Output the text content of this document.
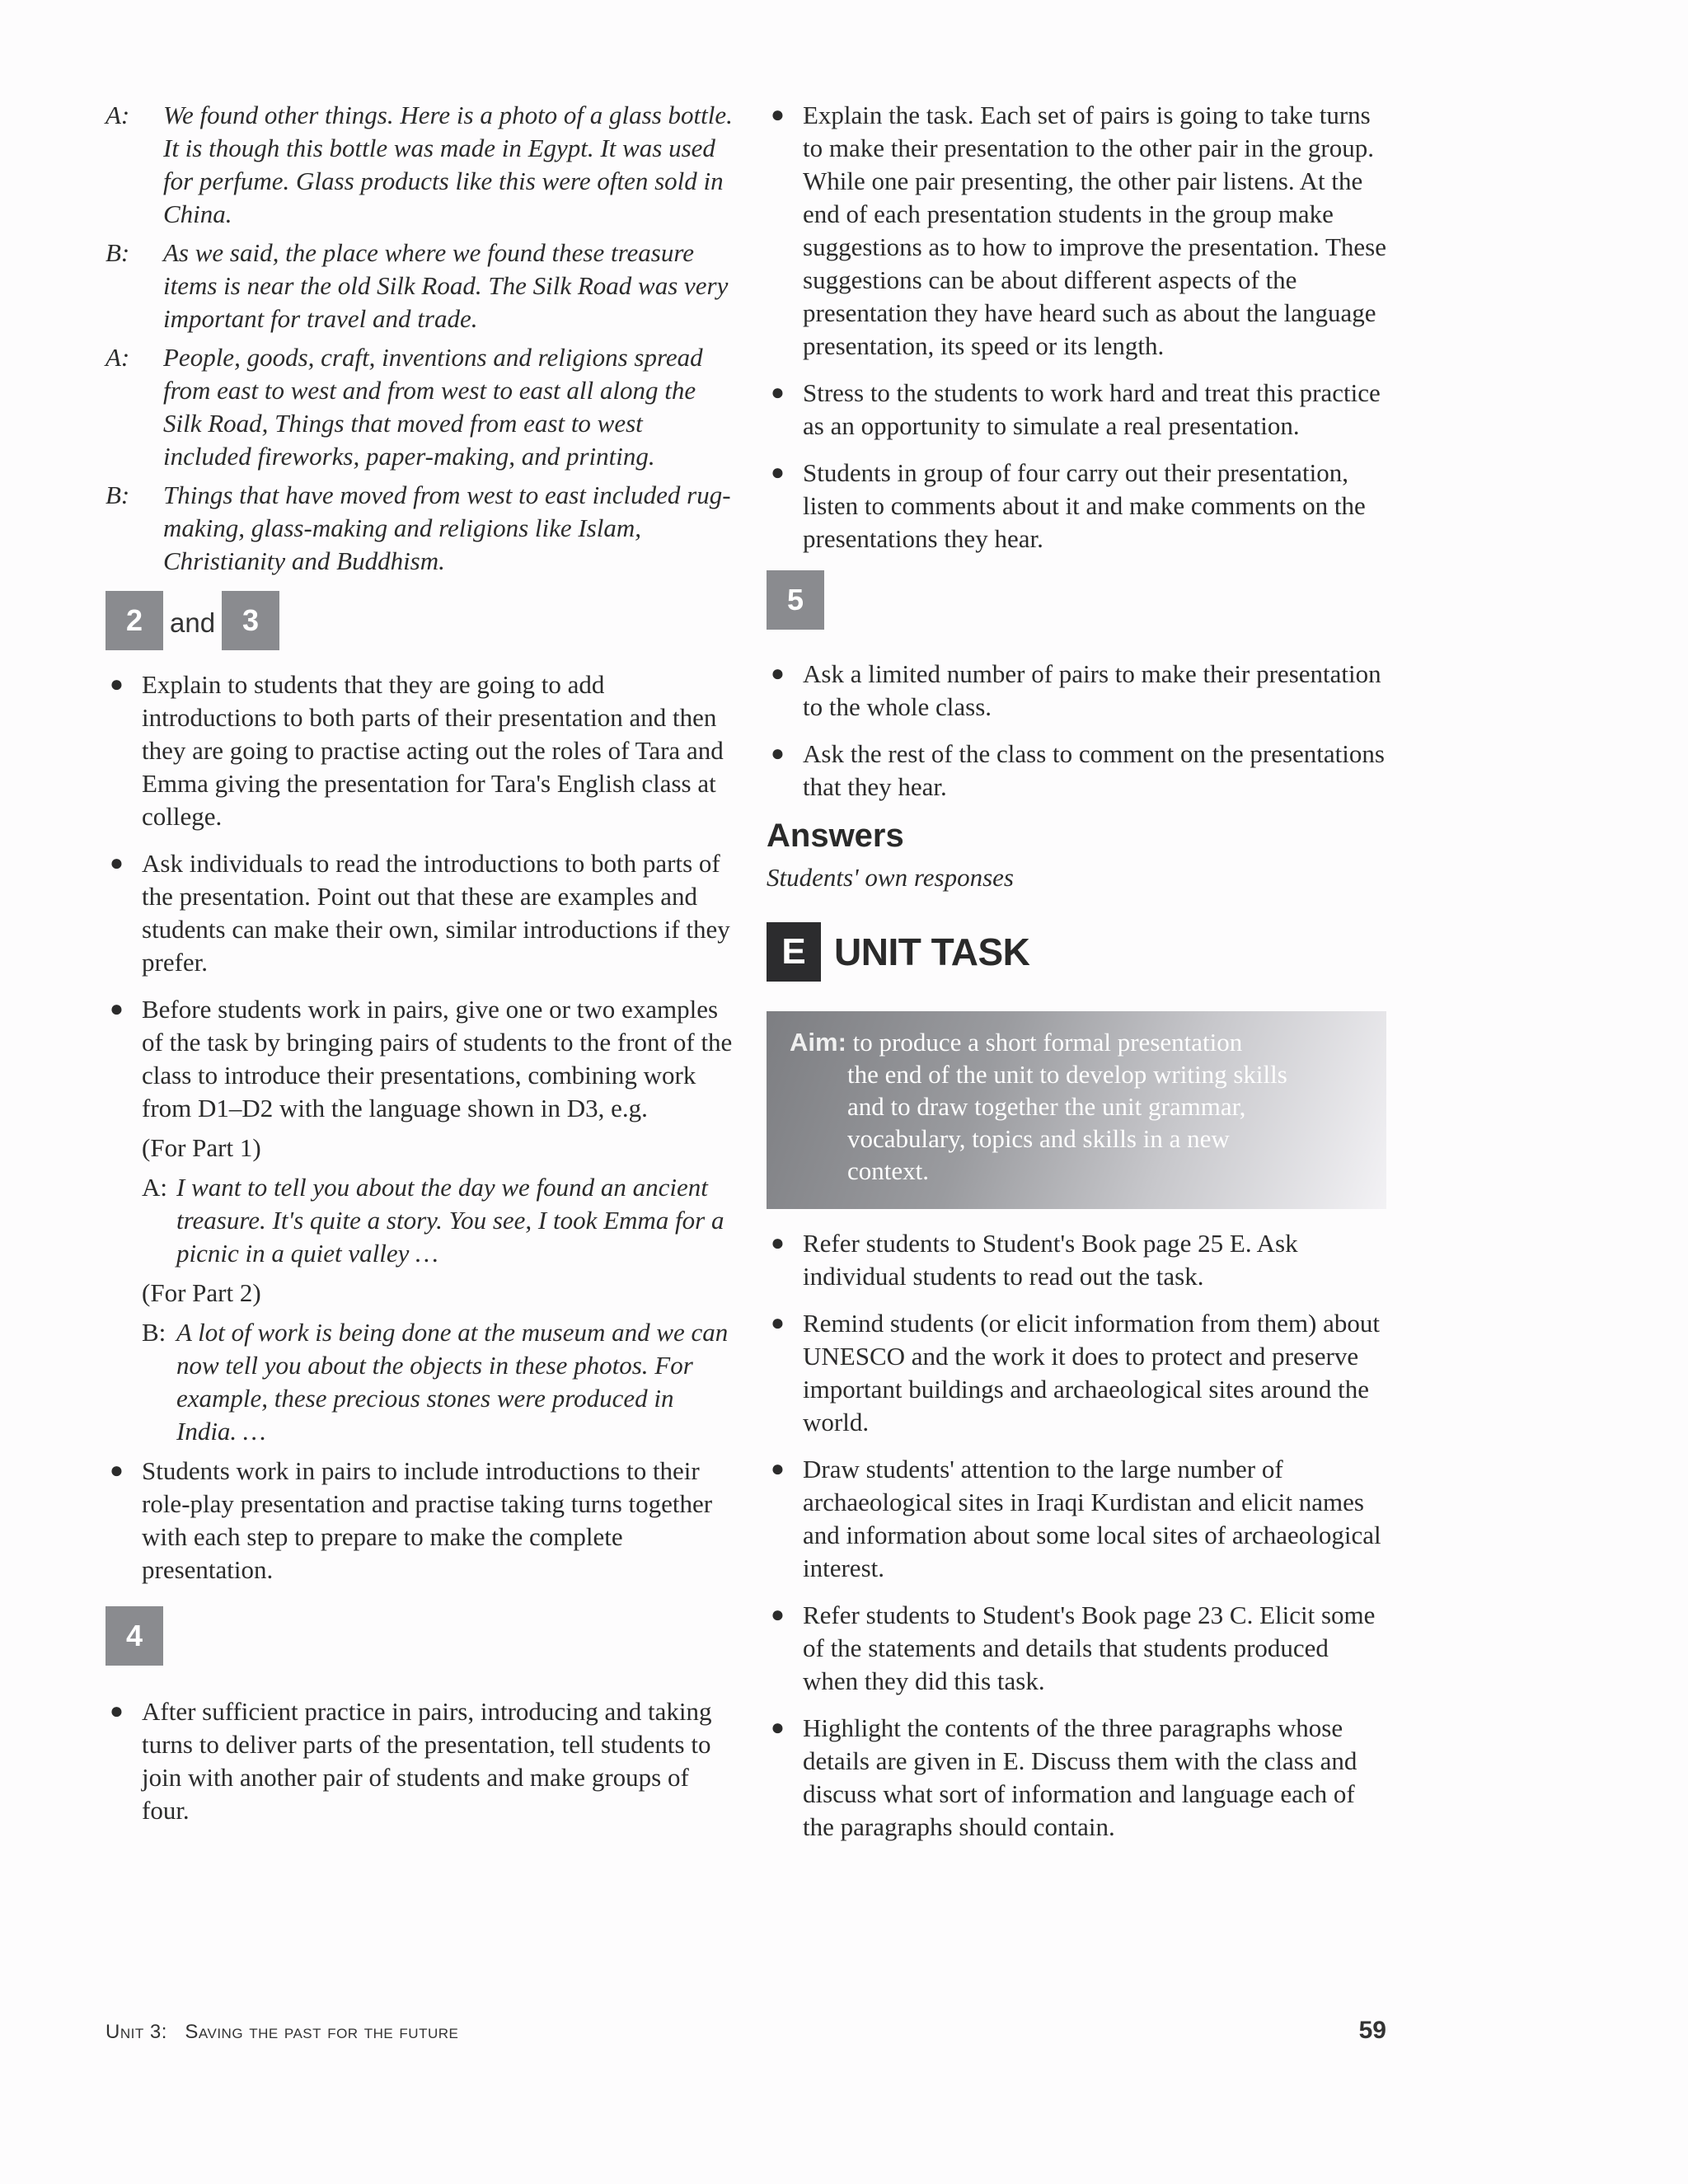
A:	We found other things. Here is a photo of a glass bottle. It is though this bottle was made in Egypt. It was used for perfume. Glass products like this were often sold in China.
B:	As we said, the place where we found these treasure items is near the old Silk Road. The Silk Road was very important for travel and trade.
A:	People, goods, craft, inventions and religions spread from east to west and from west to east all along the Silk Road, Things that moved from east to west included fireworks, paper-making, and printing.
B:	Things that have moved from west to east included rug-making, glass-making and religions like Islam, Christianity and Buddhism.
2 and 3
● Explain to students that they are going to add introductions to both parts of their presentation and then they are going to practise acting out the roles of Tara and Emma giving the presentation for Tara's English class at college.
● Ask individuals to read the introductions to both parts of the presentation. Point out that these are examples and students can make their own, similar introductions if they prefer.
● Before students work in pairs, give one or two examples of the task by bringing pairs of students to the front of the class to introduce their presentations, combining work from D1–D2 with the language shown in D3, e.g.
(For Part 1)
A: I want to tell you about the day we found an ancient treasure. It's quite a story. You see, I took Emma for a picnic in a quiet valley …
(For Part 2)
B: A lot of work is being done at the museum and we can now tell you about the objects in these photos. For example, these precious stones were produced in India. …
● Students work in pairs to include introductions to their role-play presentation and practise taking turns together with each step to prepare to make the complete presentation.
4
● After sufficient practice in pairs, introducing and taking turns to deliver parts of the presentation, tell students to join with another pair of students and make groups of four.
● Explain the task. Each set of pairs is going to take turns to make their presentation to the other pair in the group. While one pair presenting, the other pair listens. At the end of each presentation students in the group make suggestions as to how to improve the presentation. These suggestions can be about different aspects of the presentation they have heard such as about the language presentation, its speed or its length.
● Stress to the students to work hard and treat this practice as an opportunity to simulate a real presentation.
● Students in group of four carry out their presentation, listen to comments about it and make comments on the presentations they hear.
5
● Ask a limited number of pairs to make their presentation to the whole class.
● Ask the rest of the class to comment on the presentations that they hear.
Answers
Students' own responses
E UNIT TASK
Aim: to produce a short formal presentation
the end of the unit to develop writing skills
and to draw together the unit grammar,
vocabulary, topics and skills in a new
context.
● Refer students to Student's Book page 25 E. Ask individual students to read out the task.
● Remind students (or elicit information from them) about UNESCO and the work it does to protect and preserve important buildings and archaeological sites around the world.
● Draw students' attention to the large number of archaeological sites in Iraqi Kurdistan and elicit names and information about some local sites of archaeological interest.
● Refer students to Student's Book page 23 C. Elicit some of the statements and details that students produced when they did this task.
● Highlight the contents of the three paragraphs whose details are given in E. Discuss them with the class and discuss what sort of information and language each of the paragraphs should contain.
Unit 3:   Saving the past for the future	59
